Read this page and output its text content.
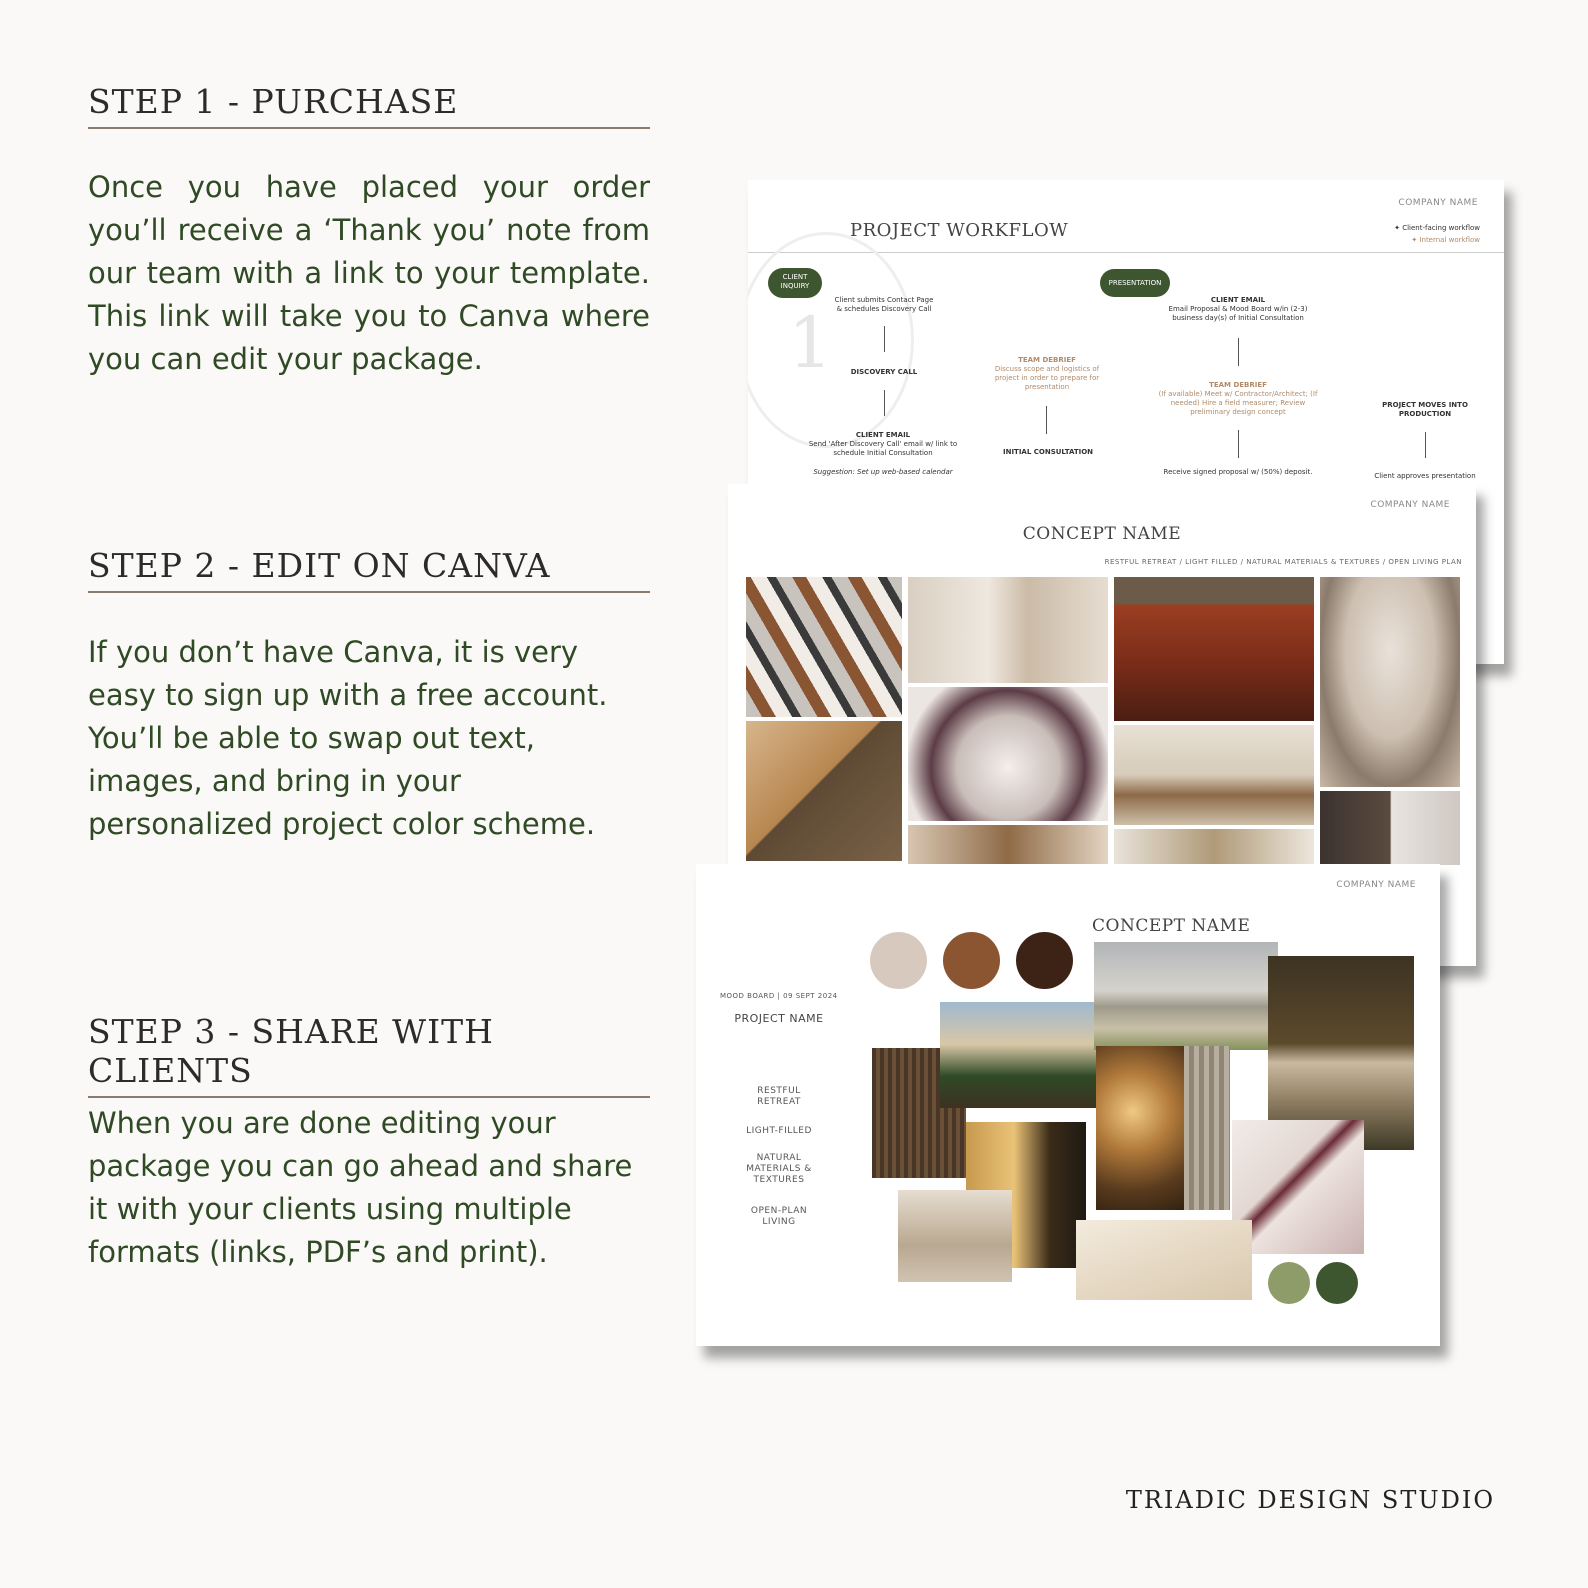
STEP 1 - PURCHASE
Once you have placed your order you’ll receive a ‘Thank you’ note from our team with a link to your template. This link will take you to Canva where you can edit your package.
STEP 2 - EDIT ON CANVA
If you don’t have Canva, it is very easy to sign up with a free account. You’ll be able to swap out text, images, and bring in your personalized project color scheme.
STEP 3 - SHARE WITH CLIENTS
When you are done editing your package you can go ahead and share it with your clients using multiple formats (links, PDF’s and print).
TRIADIC DESIGN STUDIO
COMPANY NAME
PROJECT WORKFLOW	✦ Client-facing workflow
✦ Internal workflow
1
CLIENT INQUIRY	PRESENTATION
Client submits Contact Page & schedules Discovery Call
DISCOVERY CALL
CLIENT EMAIL
Send 'After Discovery Call' email w/ link to schedule Initial Consultation
Suggestion: Set up web-based calendar
TEAM DEBRIEF
Discuss scope and logistics of project in order to prepare for presentation
INITIAL CONSULTATION
CLIENT EMAIL
Email Proposal & Mood Board w/in (2-3) business day(s) of Initial Consultation
TEAM DEBRIEF
(If available) Meet w/ Contractor/Architect; (If needed) Hire a field measurer; Review preliminary design concept
Receive signed proposal w/ (50%) deposit.
PROJECT MOVES INTO PRODUCTION
Client approves presentation
COMPANY NAME
CONCEPT NAME
RESTFUL RETREAT / LIGHT FILLED / NATURAL MATERIALS & TEXTURES / OPEN LIVING PLAN
COMPANY NAME
CONCEPT NAME
MOOD BOARD | 09 SEPT 2024
PROJECT NAME
RESTFUL RETREAT
LIGHT-FILLED
NATURAL MATERIALS & TEXTURES
OPEN-PLAN LIVING
